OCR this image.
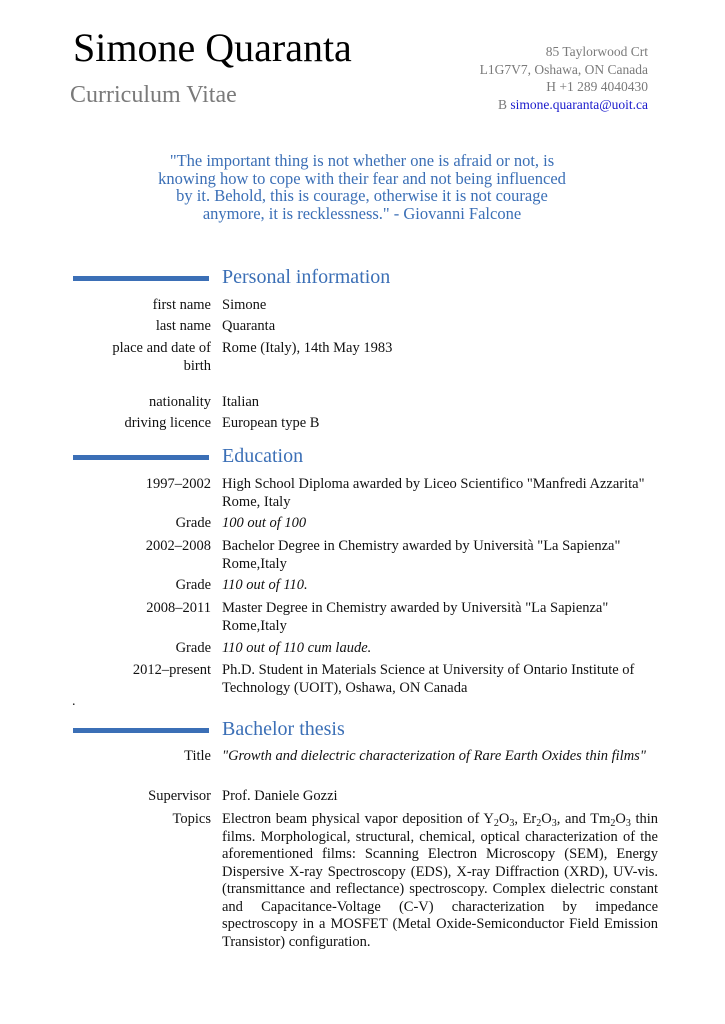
Simone Quaranta
Curriculum Vitae
85 Taylorwood Crt
L1G7V7, Oshawa, ON Canada
H +1 289 4040430
B simone.quaranta@uoit.ca
"The important thing is not whether one is afraid or not, is knowing how to cope with their fear and not being influenced by it. Behold, this is courage, otherwise it is not courage anymore, it is recklessness." - Giovanni Falcone
Personal information
first name Simone
last name Quaranta
place and date of birth
Rome (Italy), 14th May 1983
nationality Italian
driving licence European type B
Education
1997–2002 High School Diploma awarded by Liceo Scientifico "Manfredi Azzarita" Rome, Italy
Grade 100 out of 100
2002–2008 Bachelor Degree in Chemistry awarded by Università "La Sapienza" Rome,Italy
Grade 110 out of 110.
2008–2011 Master Degree in Chemistry awarded by Università "La Sapienza" Rome,Italy
Grade 110 out of 110 cum laude.
2012–present Ph.D. Student in Materials Science at University of Ontario Institute of Technology (UOIT), Oshawa, ON Canada
.
Bachelor thesis
Title "Growth and dielectric characterization of Rare Earth Oxides thin films"
Supervisor Prof. Daniele Gozzi
Topics Electron beam physical vapor deposition of $Y_2O_3$, $Er_2O_3$, and $Tm_2O_3$ thin films. Morphological, structural, chemical, optical characterization of the aforementioned films: Scanning Electron Microscopy (SEM), Energy Dispersive X-ray Spectroscopy (EDS), X-ray Diffraction (XRD), UV-vis. (transmittance and reflectance) spectroscopy. Complex dielectric constant and Capacitance-Voltage (C-V) characterization by impedance spectroscopy in a MOSFET (Metal Oxide-Semiconductor Field Emission Transistor) configuration.
